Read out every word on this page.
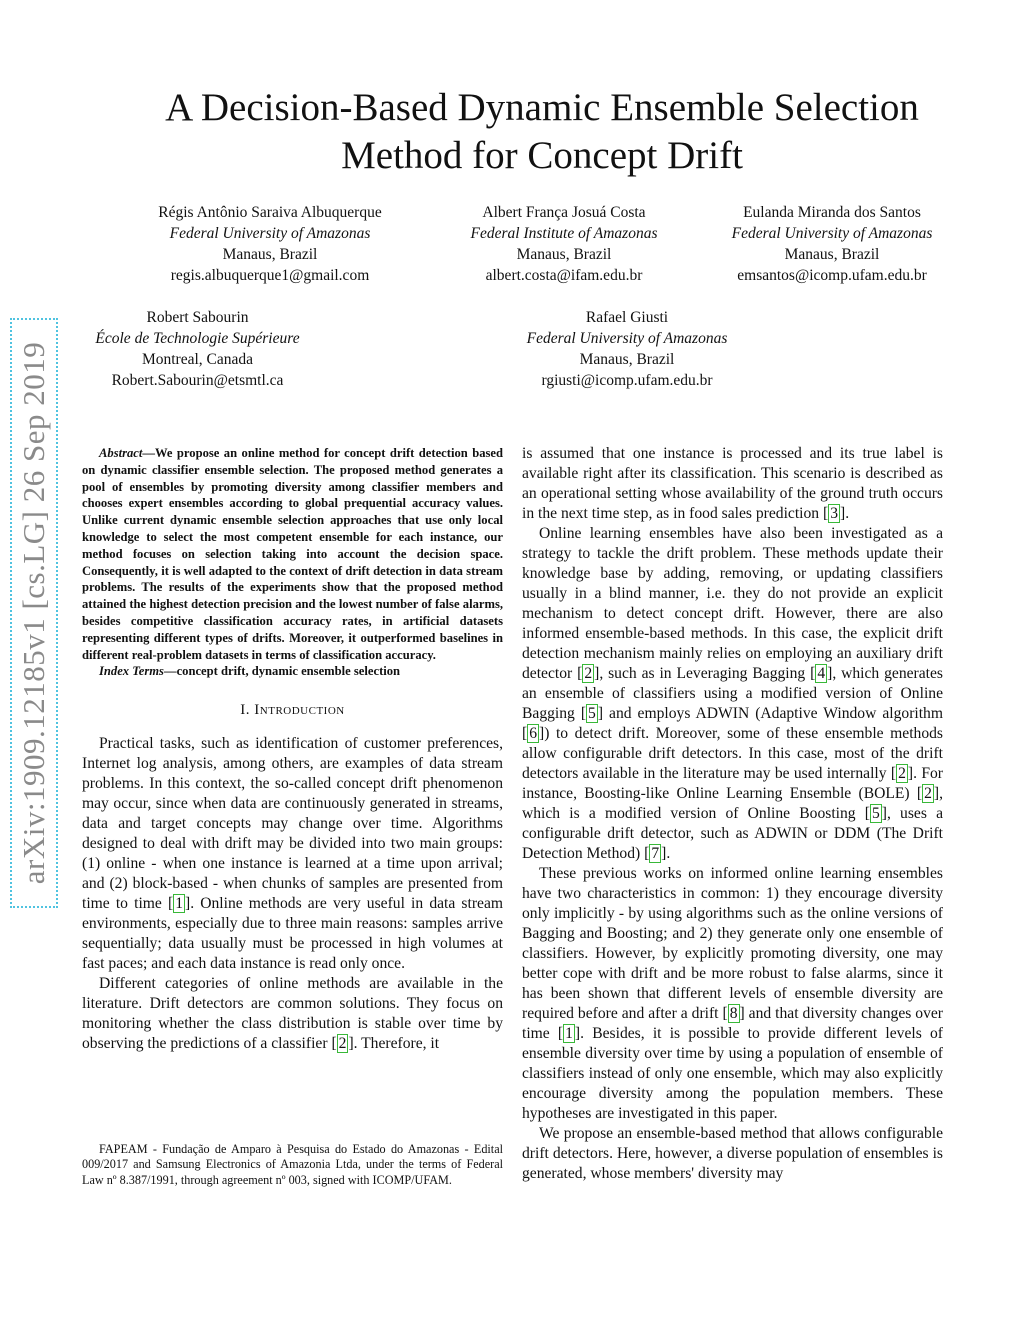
arXiv:1909.12185v1 [cs.LG] 26 Sep 2019
A Decision-Based Dynamic Ensemble Selection
Method for Concept Drift
Régis Antônio Saraiva Albuquerque
Federal University of Amazonas
Manaus, Brazil
regis.albuquerque1@gmail.com
Albert França Josuá Costa
Federal Institute of Amazonas
Manaus, Brazil
albert.costa@ifam.edu.br
Eulanda Miranda dos Santos
Federal University of Amazonas
Manaus, Brazil
emsantos@icomp.ufam.edu.br
Robert Sabourin
École de Technologie Supérieure
Montreal, Canada
Robert.Sabourin@etsmtl.ca
Rafael Giusti
Federal University of Amazonas
Manaus, Brazil
rgiusti@icomp.ufam.edu.br

Abstract—We propose an online method for concept drift detection based on dynamic classifier ensemble selection. The proposed method generates a pool of ensembles by promoting diversity among classifier members and chooses expert ensembles according to global prequential accuracy values. Unlike current dynamic ensemble selection approaches that use only local knowledge to select the most competent ensemble for each instance, our method focuses on selection taking into account the decision space. Consequently, it is well adapted to the context of drift detection in data stream problems. The results of the experiments show that the proposed method attained the highest detection precision and the lowest number of false alarms, besides competitive classification accuracy rates, in artificial datasets representing different types of drifts. Moreover, it outperformed baselines in different real-problem datasets in terms of classification accuracy.

Index Terms—concept drift, dynamic ensemble selection

I. Introduction

Practical tasks, such as identification of customer preferences, Internet log analysis, among others, are examples of data stream problems. In this context, the so-called concept drift phenomenon may occur, since when data are continuously generated in streams, data and target concepts may change over time. Algorithms designed to deal with drift may be divided into two main groups: (1) online - when one instance is learned at a time upon arrival; and (2) block-based - when chunks of samples are presented from time to time [ 1 ]. Online methods are very useful in data stream environments, especially due to three main reasons: samples arrive sequentially; data usually must be processed in high volumes at fast paces; and each data instance is read only once.

Different categories of online methods are available in the literature. Drift detectors are common solutions. They focus on monitoring whether the class distribution is stable over time by observing the predictions of a classifier [ 2 ]. Therefore, it

FAPEAM - Fundação de Amparo à Pesquisa do Estado do Amazonas - Edital 009/2017 and Samsung Electronics of Amazonia Ltda, under the terms of Federal Law nº 8.387/1991, through agreement nº 003, signed with ICOMP/UFAM.

is assumed that one instance is processed and its true label is available right after its classification. This scenario is described as an operational setting whose availability of the ground truth occurs in the next time step, as in food sales prediction [ 3 ].

Online learning ensembles have also been investigated as a strategy to tackle the drift problem. These methods update their knowledge base by adding, removing, or updating classifiers usually in a blind manner, i.e. they do not provide an explicit mechanism to detect concept drift. However, there are also informed ensemble-based methods. In this case, the explicit drift detection mechanism mainly relies on employing an auxiliary drift detector [ 2 ], such as in Leveraging Bagging [ 4 ], which generates an ensemble of classifiers using a modified version of Online Bagging [ 5 ] and employs ADWIN (Adaptive Window algorithm [ 6 ]) to detect drift. Moreover, some of these ensemble methods allow configurable drift detectors. In this case, most of the drift detectors available in the literature may be used internally [ 2 ]. For instance, Boosting-like Online Learning Ensemble (BOLE) [ 2 ], which is a modified version of Online Boosting [ 5 ], uses a configurable drift detector, such as ADWIN or DDM (The Drift Detection Method) [ 7 ].

These previous works on informed online learning ensembles have two characteristics in common: 1) they encourage diversity only implicitly - by using algorithms such as the online versions of Bagging and Boosting; and 2) they generate only one ensemble of classifiers. However, by explicitly promoting diversity, one may better cope with drift and be more robust to false alarms, since it has been shown that different levels of ensemble diversity are required before and after a drift [ 8 ] and that diversity changes over time [ 1 ]. Besides, it is possible to provide different levels of ensemble diversity over time by using a population of ensemble of classifiers instead of only one ensemble, which may also explicitly encourage diversity among the population members. These hypotheses are investigated in this paper.

We propose an ensemble-based method that allows configurable drift detectors. Here, however, a diverse population of ensembles is generated, whose members' diversity may
